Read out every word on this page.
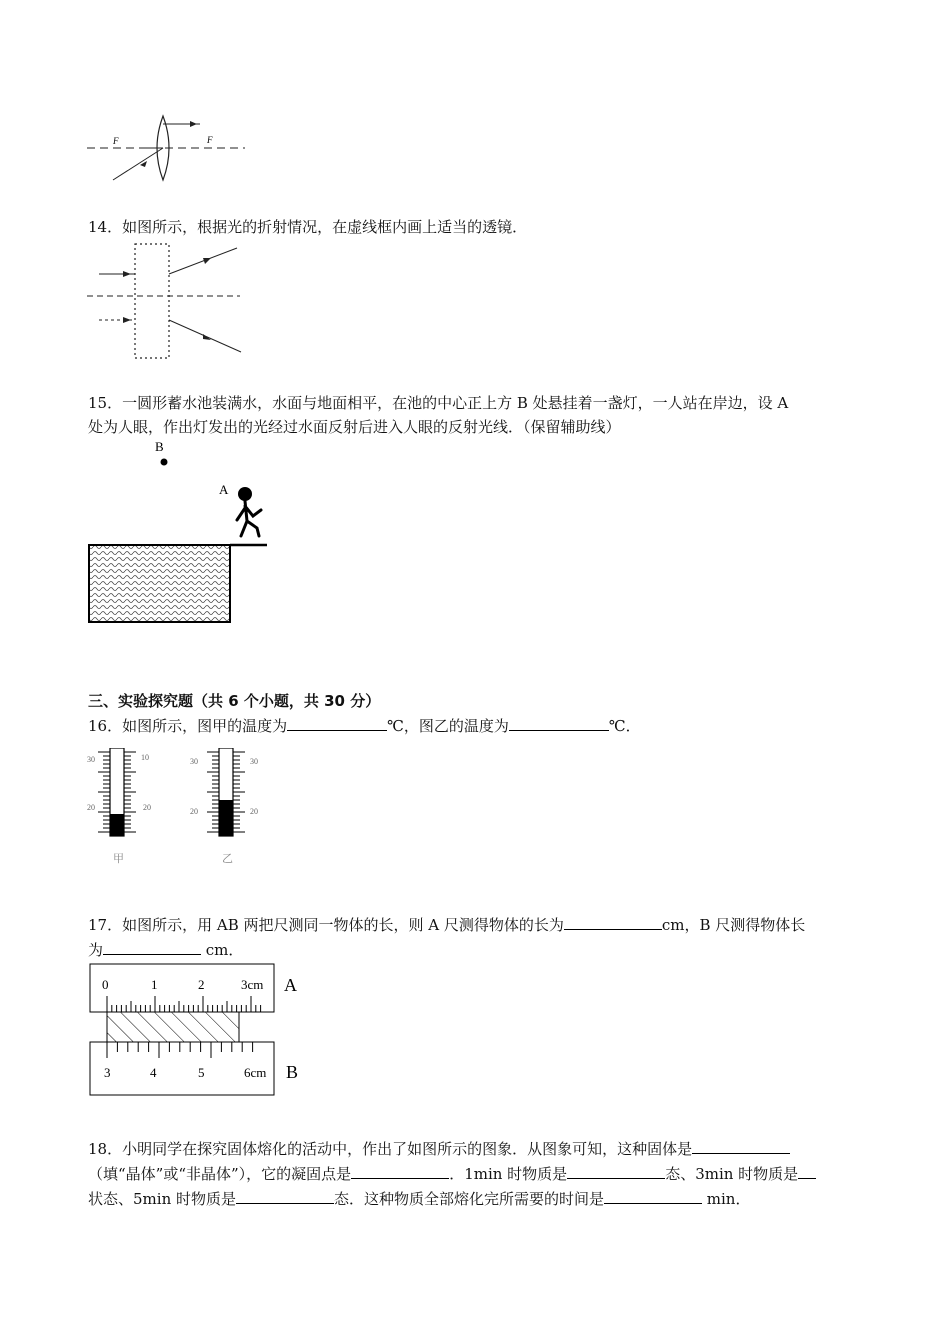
F	F
14．如图所示，根据光的折射情况，在虚线框内画上适当的透镜．
15．一圆形蓄水池装满水，水面与地面相平，在池的中心正上方 B 处悬挂着一盏灯，一人站在岸边，设 A
处为人眼，作出灯发出的光经过水面反射后进入人眼的反射光线．（保留辅助线）
B
A
三、实验探究题（共 6 个小题，共 30 分）
16．如图所示，图甲的温度为	℃，图乙的温度为	℃．
30	10
20	20
甲
30	30
20	20
乙
17．如图所示，用 AB 两把尺测同一物体的长，则 A 尺测得物体的长为	cm，B 尺测得物体长
为	cm．
0	1	2	3cm
3	4	5	6cm
A
B
18．小明同学在探究固体熔化的活动中，作出了如图所示的图象．从图象可知，这种固体是
（填“晶体”或“非晶体”），它的凝固点是	．1min 时物质是	态、3min 时物质是
状态、5min 时物质是	态．这种物质全部熔化完所需要的时间是	min．
